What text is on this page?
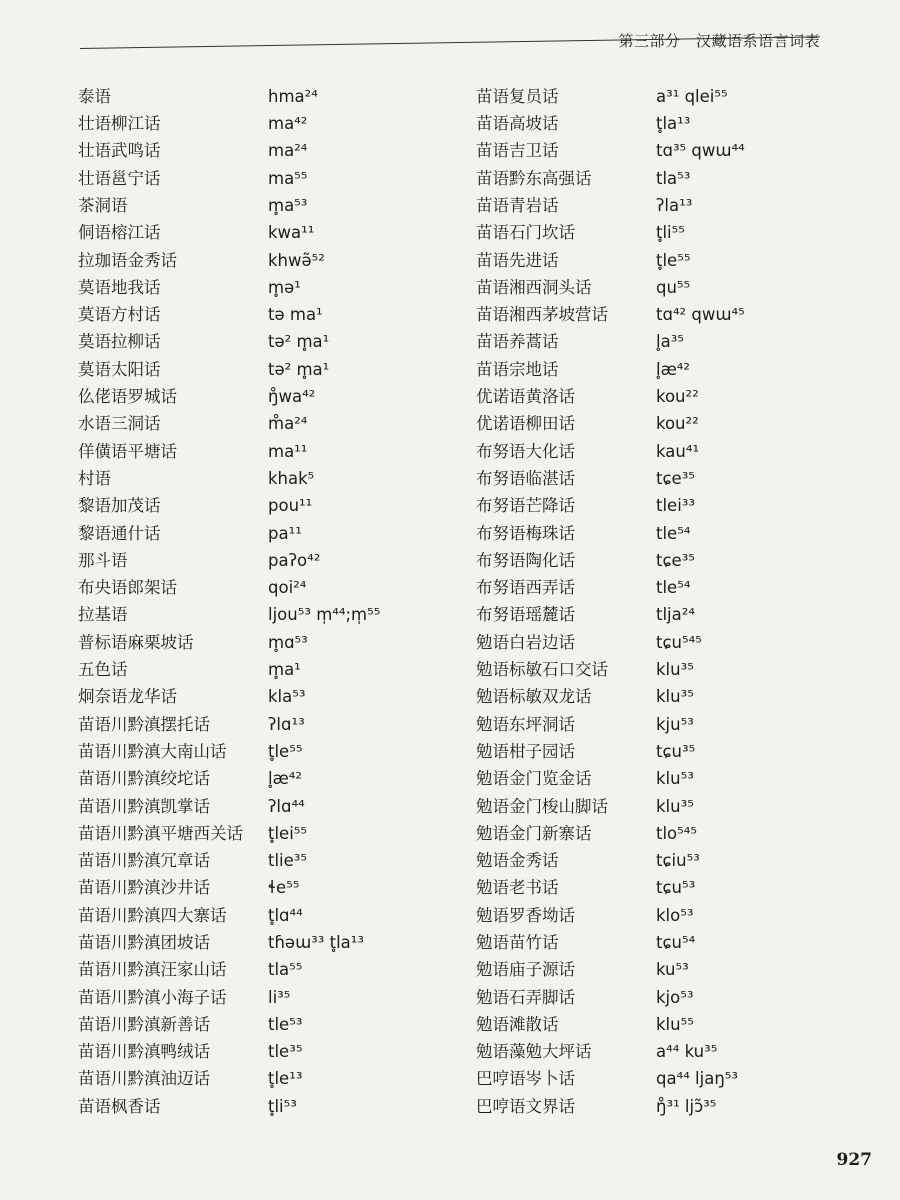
第三部分　汉藏语系语言词表
泰语	hma²⁴
壮语柳江话	ma⁴²
壮语武鸣话	ma²⁴
壮语邕宁话	ma⁵⁵
茶洞语	m̥a⁵³
侗语榕江话	kwa¹¹
拉珈语金秀话	khwə̃⁵²
莫语地我话	m̥ə¹
莫语方村话	tə ma¹
莫语拉柳话	tə² m̥a¹
莫语太阳话	tə² m̥a¹
仫佬语罗城话	ŋ̊wa⁴²
水语三洞话	m̊a²⁴
佯僙语平塘话	ma¹¹
村语	khak⁵
黎语加茂话	pou¹¹
黎语通什话	pa¹¹
那斗语	paʔo⁴²
布央语郎架话	qoi²⁴
拉基语	ljou⁵³ m̩⁴⁴;m̩⁵⁵
普标语麻栗坡话	m̥ɑ⁵³
五色话	m̥a¹
炯奈语龙华话	kla⁵³
苗语川黔滇摆托话	ʔlɑ¹³
苗语川黔滇大南山话	t̥le⁵⁵
苗语川黔滇绞坨话	l̥æ⁴²
苗语川黔滇凯掌话	ʔlɑ⁴⁴
苗语川黔滇平塘西关话	t̥lei⁵⁵
苗语川黔滇冗章话	tlie³⁵
苗语川黔滇沙井话	ɬe⁵⁵
苗语川黔滇四大寨话	t̥lɑ⁴⁴
苗语川黔滇团坡话	tɦəɯ³³ t̥la¹³
苗语川黔滇汪家山话	tla⁵⁵
苗语川黔滇小海子话	li³⁵
苗语川黔滇新善话	tle⁵³
苗语川黔滇鸭绒话	tle³⁵
苗语川黔滇油迈话	t̥le¹³
苗语枫香话	t̥li⁵³
苗语复员话	a³¹ qlei⁵⁵
苗语高坡话	t̥la¹³
苗语吉卫话	tɑ³⁵ qwɯ⁴⁴
苗语黔东高强话	tla⁵³
苗语青岩话	ʔla¹³
苗语石门坎话	t̥li⁵⁵
苗语先进话	t̥le⁵⁵
苗语湘西洞头话	qu⁵⁵
苗语湘西茅坡营话	tɑ⁴² qwɯ⁴⁵
苗语养蒿话	l̥a³⁵
苗语宗地话	l̥æ⁴²
优诺语黄洛话	kou²²
优诺语柳田话	kou²²
布努语大化话	kau⁴¹
布努语临湛话	tɕe³⁵
布努语芒降话	tlei³³
布努语梅珠话	tle⁵⁴
布努语陶化话	tɕe³⁵
布努语西弄话	tle⁵⁴
布努语瑶麓话	tlja²⁴
勉语白岩边话	tɕu⁵⁴⁵
勉语标敏石口交话	klu³⁵
勉语标敏双龙话	klu³⁵
勉语东坪洞话	kju⁵³
勉语柑子园话	tɕu³⁵
勉语金门览金话	klu⁵³
勉语金门梭山脚话	klu³⁵
勉语金门新寨话	tlo⁵⁴⁵
勉语金秀话	tɕiu⁵³
勉语老书话	tɕu⁵³
勉语罗香坳话	klo⁵³
勉语苗竹话	tɕu⁵⁴
勉语庙子源话	ku⁵³
勉语石弄脚话	kjo⁵³
勉语滩散话	klu⁵⁵
勉语藻勉大坪话	a⁴⁴ ku³⁵
巴哼语岑卜话	qa⁴⁴ ljaŋ⁵³
巴哼语文界话	ŋ̊³¹ ljɔ̃³⁵
927
